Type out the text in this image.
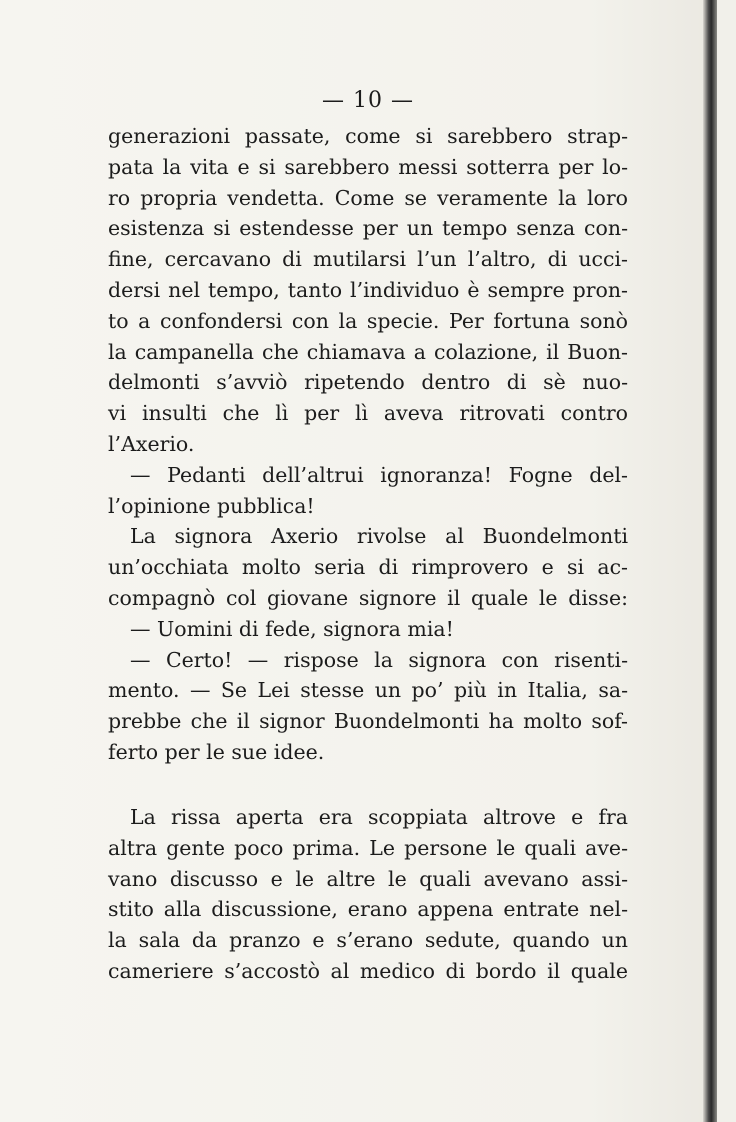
— 10 —
generazioni passate, come si sarebbero strap-
pata la vita e si sarebbero messi sotterra per lo-
ro propria vendetta. Come se veramente la loro
esistenza si estendesse per un tempo senza con-
fine, cercavano di mutilarsi l’un l’altro, di ucci-
dersi nel tempo, tanto l’individuo è sempre pron-
to a confondersi con la specie. Per fortuna sonò
la campanella che chiamava a colazione, il Buon-
delmonti s’avviò ripetendo dentro di sè nuo-
vi insulti che lì per lì aveva ritrovati contro
l’Axerio.
— Pedanti dell’altrui ignoranza! Fogne del-
l’opinione pubblica!
La signora Axerio rivolse al Buondelmonti
un’occhiata molto seria di rimprovero e si ac-
compagnò col giovane signore il quale le disse:
— Uomini di fede, signora mia!
— Certo! — rispose la signora con risenti-
mento. — Se Lei stesse un po’ più in Italia, sa-
prebbe che il signor Buondelmonti ha molto sof-
ferto per le sue idee.
La rissa aperta era scoppiata altrove e fra
altra gente poco prima. Le persone le quali ave-
vano discusso e le altre le quali avevano assi-
stito alla discussione, erano appena entrate nel-
la sala da pranzo e s’erano sedute, quando un
cameriere s’accostò al medico di bordo il quale
